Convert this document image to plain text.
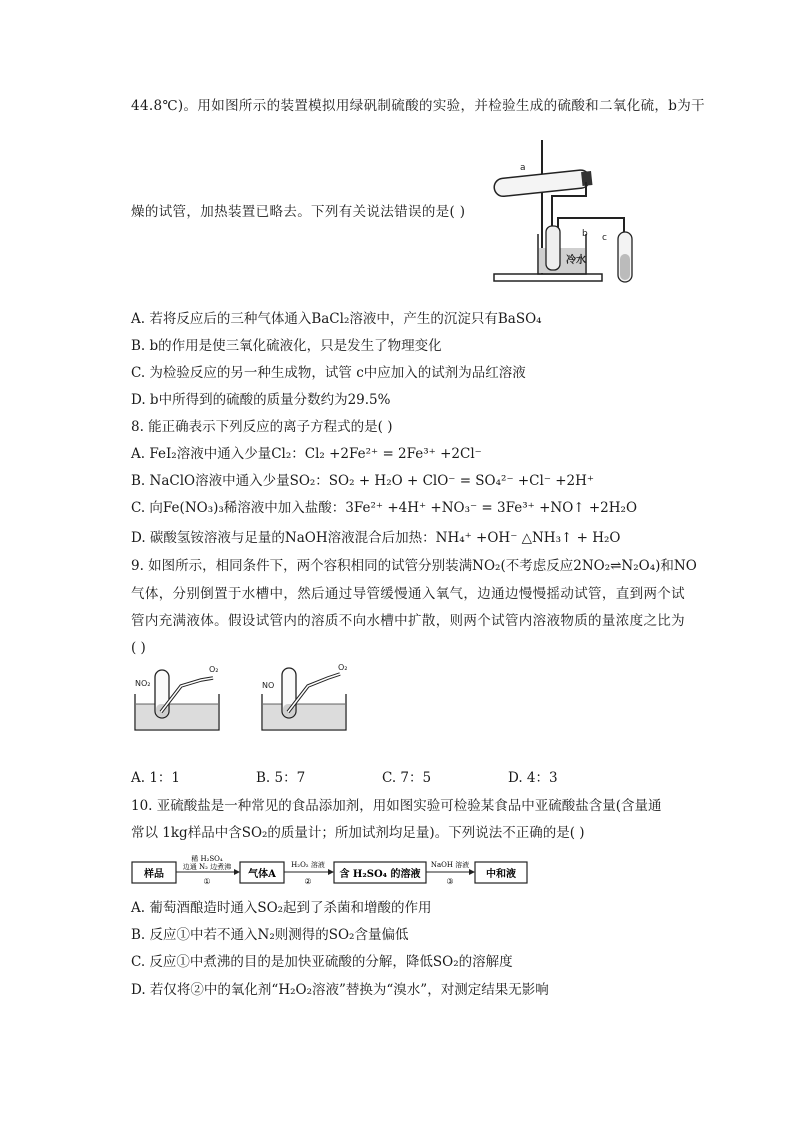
44.8℃)。用如图所示的装置模拟用绿矾制硫酸的实验，并检验生成的硫酸和二氧化硫，b为干
a
b
冷水
c
燥的试管，加热装置已略去。下列有关说法错误的是( )
A. 若将反应后的三种气体通入BaCl₂溶液中，产生的沉淀只有BaSO₄
B. b的作用是使三氧化硫液化，只是发生了物理变化
C. 为检验反应的另一种生成物，试管 c中应加入的试剂为品红溶液
D. b中所得到的硫酸的质量分数约为29.5%
8. 能正确表示下列反应的离子方程式的是( )
A. FeI₂溶液中通入少量Cl₂：Cl₂ +2Fe²⁺ = 2Fe³⁺ +2Cl⁻
B. NaClO溶液中通入少量SO₂：SO₂ + H₂O + ClO⁻ = SO₄²⁻ +Cl⁻ +2H⁺
C. 向Fe(NO₃)₃稀溶液中加入盐酸：3Fe²⁺ +4H⁺ +NO₃⁻ = 3Fe³⁺ +NO↑ +2H₂O
D. 碳酸氢铵溶液与足量的NaOH溶液混合后加热：NH₄⁺ +OH⁻ △NH₃↑ + H₂O
9. 如图所示，相同条件下，两个容积相同的试管分别装满NO₂(不考虑反应2NO₂⇌N₂O₄)和NO
气体，分别倒置于水槽中，然后通过导管缓慢通入氧气，边通边慢慢摇动试管，直到两个试
管内充满液体。假设试管内的溶质不向水槽中扩散，则两个试管内溶液物质的量浓度之比为
( )
NO₂
O₂
NO
O₂
A. 1：1	B. 5：7	C. 7：5	D. 4：3
10. 亚硫酸盐是一种常见的食品添加剂，用如图实验可检验某食品中亚硫酸盐含量(含量通
常以 1kg样品中含SO₂的质量计；所加试剂均足量)。下列说法不正确的是( )
样品
稀 H₂SO₄
边通 N₂ 边煮沸
①
气体A
H₂O₂ 溶液
②
含 H₂SO₄ 的溶液
NaOH 溶液
③
中和液
A. 葡萄酒酿造时通入SO₂起到了杀菌和增酸的作用
B. 反应①中若不通入N₂则测得的SO₂含量偏低
C. 反应①中煮沸的目的是加快亚硫酸的分解，降低SO₂的溶解度
D. 若仅将②中的氧化剂“H₂O₂溶液”替换为“溴水”，对测定结果无影响
